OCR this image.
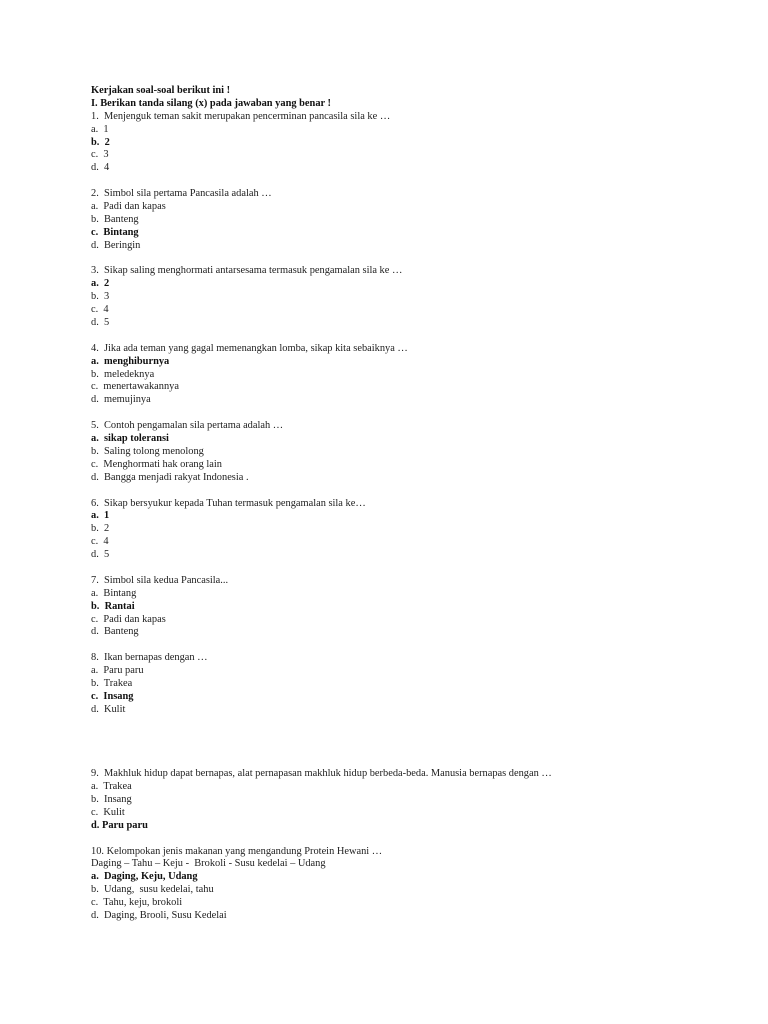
Kerjakan soal-soal berikut ini !
I. Berikan tanda silang (x) pada jawaban yang benar !
1.  Menjenguk teman sakit merupakan pencerminan pancasila sila ke …
a.  1
b.  2
c.  3
d.  4
2.  Simbol sila pertama Pancasila adalah …
a.  Padi dan kapas
b.  Banteng
c.  Bintang
d.  Beringin
3.  Sikap saling menghormati antarsesama termasuk pengamalan sila ke …
a.  2
b.  3
c.  4
d.  5
4.  Jika ada teman yang gagal memenangkan lomba, sikap kita sebaiknya …
a.  menghiburnya
b.  meledeknya
c.  menertawakannya
d.  memujinya
5.  Contoh pengamalan sila pertama adalah …
a.  sikap toleransi
b.  Saling tolong menolong
c.  Menghormati hak orang lain
d.  Bangga menjadi rakyat Indonesia .
6.  Sikap bersyukur kepada Tuhan termasuk pengamalan sila ke…
a.  1
b.  2
c.  4
d.  5
7.  Simbol sila kedua Pancasila...
a.  Bintang
b.  Rantai
c.  Padi dan kapas
d.  Banteng
8.  Ikan bernapas dengan …
a.  Paru paru
b.  Trakea
c.  Insang
d.  Kulit
9.  Makhluk hidup dapat bernapas, alat pernapasan makhluk hidup berbeda-beda. Manusia bernapas dengan …
a.  Trakea
b.  Insang
c.  Kulit
d. Paru paru
10. Kelompokan jenis makanan yang mengandung Protein Hewani …
Daging – Tahu – Keju -  Brokoli - Susu kedelai – Udang
a.  Daging, Keju, Udang
b.  Udang,  susu kedelai, tahu
c.  Tahu, keju, brokoli
d.  Daging, Brooli, Susu Kedelai
